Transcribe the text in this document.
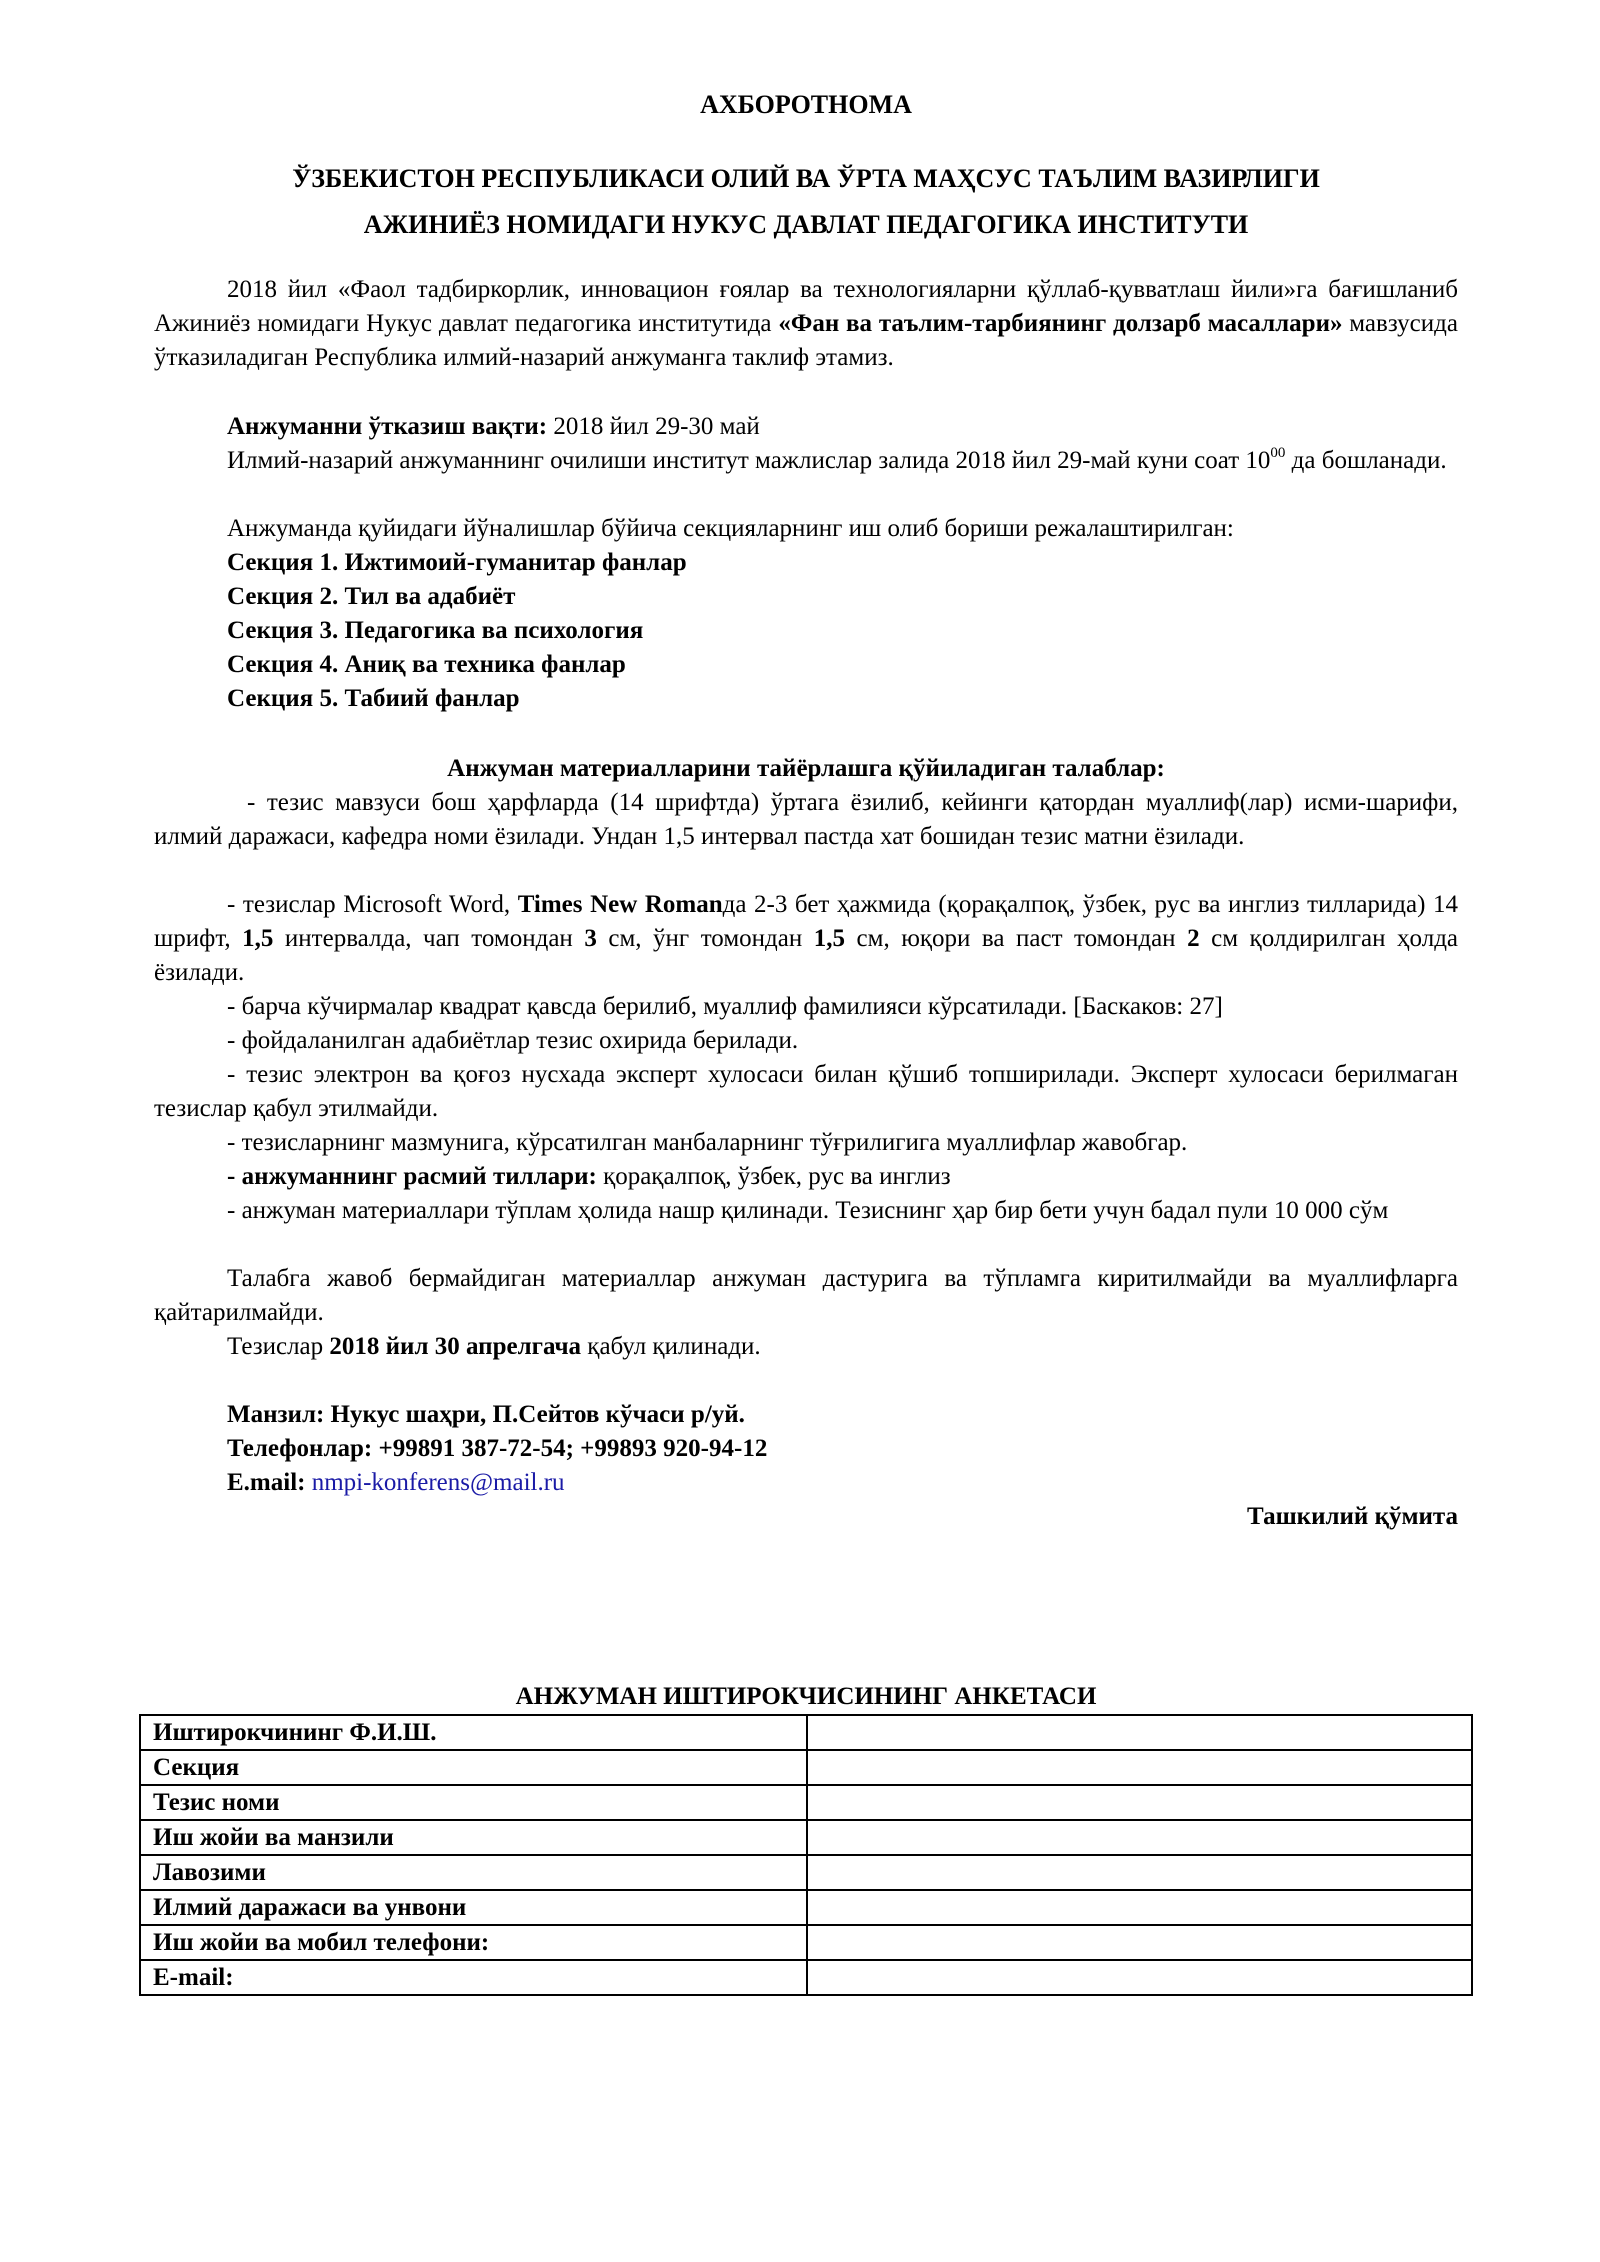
АХБОРОТНОМА
ЎЗБЕКИСТОН РЕСПУБЛИКАСИ ОЛИЙ ВА ЎРТА МАҲСУС ТАЪЛИМ ВАЗИРЛИГИ
АЖИНИЁЗ НОМИДАГИ НУКУС ДАВЛАТ ПЕДАГОГИКА ИНСТИТУТИ
2018 йил «Фаол тадбиркорлик, инновацион ғоялар ва технологияларни қўллаб-қувватлаш йили»га бағишланиб Ажиниёз номидаги Нукус давлат педагогика институтида «Фан ва таълим-тарбиянинг долзарб масаллари» мавзусида ўтказиладиган Республика илмий-назарий анжуманга таклиф этамиз.
Анжуманни ўтказиш вақти: 2018 йил 29-30 май
Илмий-назарий анжуманнинг очилиши институт мажлислар залида 2018 йил 29-май куни соат $10^{00}$ да бошланади.
Анжуманда қуйидаги йўналишлар бўйича секцияларнинг иш олиб бориши режалаштирилган:
Секция 1. Ижтимоий-гуманитар фанлар
Секция 2. Тил ва адабиёт
Секция 3. Педагогика ва психология
Секция 4. Аниқ ва техника фанлар
Секция 5. Табиий фанлар
Анжуман материалларини тайёрлашга қўйиладиган талаблар:
- тезис мавзуси бош ҳарфларда (14 шрифтда) ўртага ёзилиб, кейинги қатордан муаллиф(лар) исми-шарифи, илмий даражаси, кафедра номи ёзилади. Ундан 1,5 интервал пастда хат бошидан тезис матни ёзилади.
- тезислар Microsoft Word, Times New Romanда 2-3 бет ҳажмида (қорақалпоқ, ўзбек, рус ва инглиз тилларида) 14 шрифт, 1,5 интервалда, чап томондан 3 см, ўнг томондан 1,5 см, юқори ва паст томондан 2 см қолдирилган ҳолда ёзилади.
- барча кўчирмалар квадрат қавсда берилиб, муаллиф фамилияси кўрсатилади. [Баскаков: 27]
- фойдаланилган адабиётлар тезис охирида берилади.
- тезис электрон ва қоғоз нусхада эксперт хулосаси билан қўшиб топширилади. Эксперт хулосаси берилмаган тезислар қабул этилмайди.
- тезисларнинг мазмунига, кўрсатилган манбаларнинг тўғрилигига муаллифлар жавобгар.
- анжуманнинг расмий тиллари: қорақалпоқ, ўзбек, рус ва инглиз
- анжуман материаллари тўплам ҳолида нашр қилинади. Тезиснинг ҳар бир бети учун бадал пули 10 000 сўм
Талабга жавоб бермайдиган материаллар анжуман дастурига ва тўпламга киритилмайди ва муаллифларга қайтарилмайди.
Тезислар 2018 йил 30 апрелгача қабул қилинади.
Манзил: Нукус шаҳри, П.Сейтов кўчаси р/уй.
Телефонлар: +99891 387-72-54; +99893 920-94-12
E.mail: nmpi-konferens@mail.ru
Ташкилий қўмита
АНЖУМАН ИШТИРОКЧИСИНИНГ АНКЕТАСИ
Иштирокчининг Ф.И.Ш.	
Секция	
Тезис номи	
Иш жойи ва манзили	
Лавозими	
Илмий даражаси ва унвони	
Иш жойи ва мобил телефони:	
E-mail:	
